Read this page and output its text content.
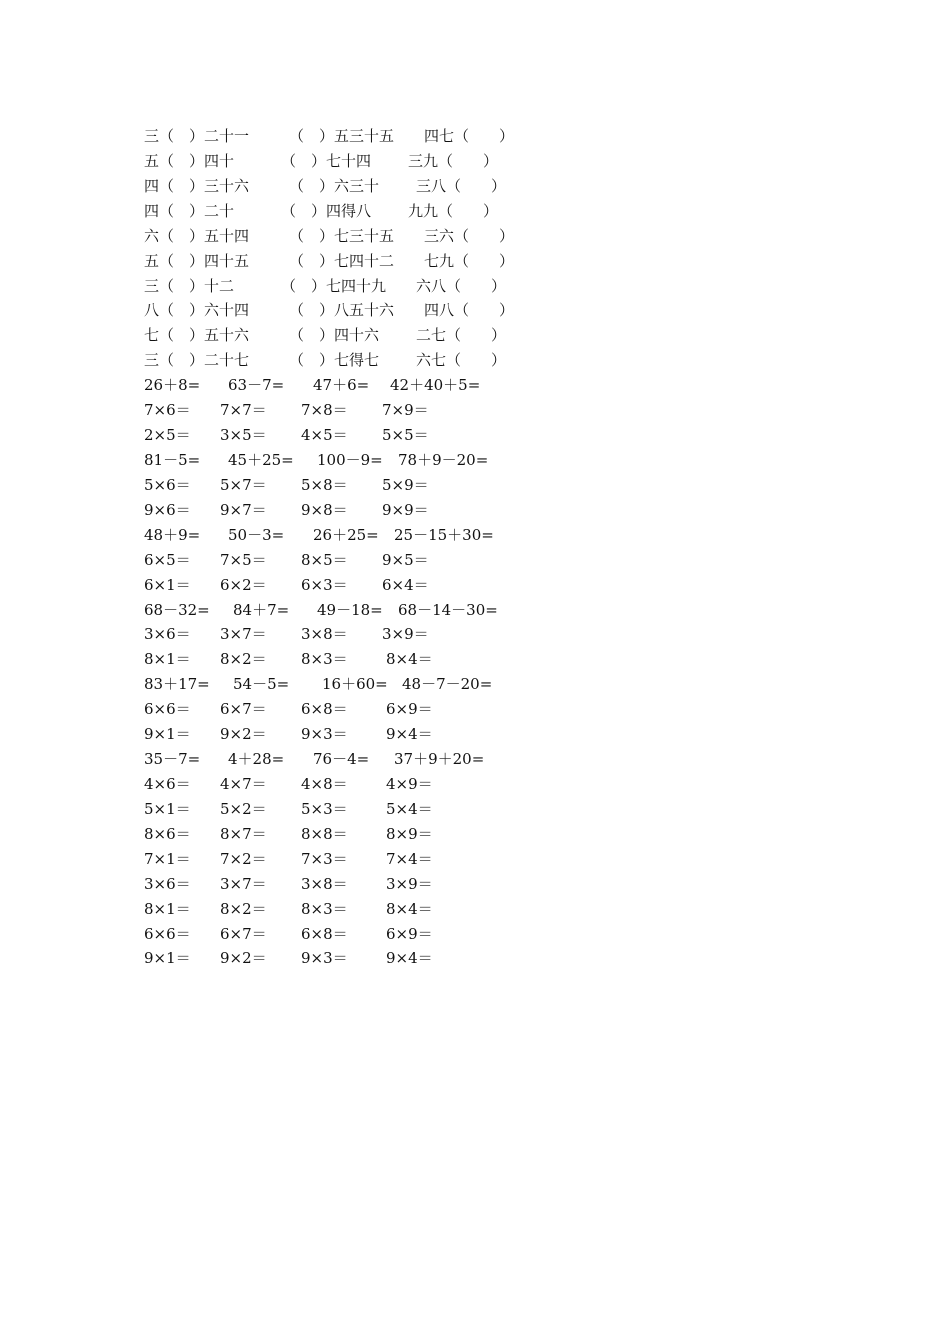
三（　）二十一	（　）五三十五 四七（　　）
五（　）四十	（　）七十四 三九（　　）
四（　）三十六	（　）六三十 三八（　　）
四（　）二十	（　）四得八 九九（　　）
六（　）五十四	（　）七三十五 三六（　　）
五（　）四十五	（　）七四十二 七九（　　）
三（　）十二	（　）七四十九 六八（　　）
八（　）六十四	（　）八五十六 四八（　　）
七（　）五十六	（　）四十六 二七（　　）
三（　）二十七	（　）七得七 六七（　　）
26＋8= 63－7= 47＋6= 42＋40＋5=
7×6＝ 7×7＝ 7×8＝ 7×9＝
2×5＝ 3×5＝ 4×5＝ 5×5＝
81－5= 45＋25= 100－9= 78＋9－20=
5×6＝ 5×7＝ 5×8＝ 5×9＝
9×6＝ 9×7＝ 9×8＝ 9×9＝
48＋9= 50－3= 26＋25= 25－15＋30=
6×5＝ 7×5＝ 8×5＝ 9×5＝
6×1＝ 6×2＝ 6×3＝ 6×4＝
68－32= 84＋7= 49－18= 68－14－30=
3×6＝ 3×7＝ 3×8＝ 3×9＝
8×1＝ 8×2＝ 8×3＝	8×4＝
83＋17= 54－5= 16＋60= 48－7－20=
6×6＝ 6×7＝ 6×8＝	6×9＝
9×1＝ 9×2＝ 9×3＝	9×4＝
35－7= 4＋28= 76－4= 37＋9＋20=
4×6＝ 4×7＝ 4×8＝	4×9＝
5×1＝ 5×2＝ 5×3＝	5×4＝
8×6＝ 8×7＝ 8×8＝	8×9＝
7×1＝ 7×2＝ 7×3＝	7×4＝
3×6＝ 3×7＝ 3×8＝	3×9＝
8×1＝ 8×2＝ 8×3＝	8×4＝
6×6＝ 6×7＝ 6×8＝	6×9＝
9×1＝ 9×2＝ 9×3＝	9×4＝
